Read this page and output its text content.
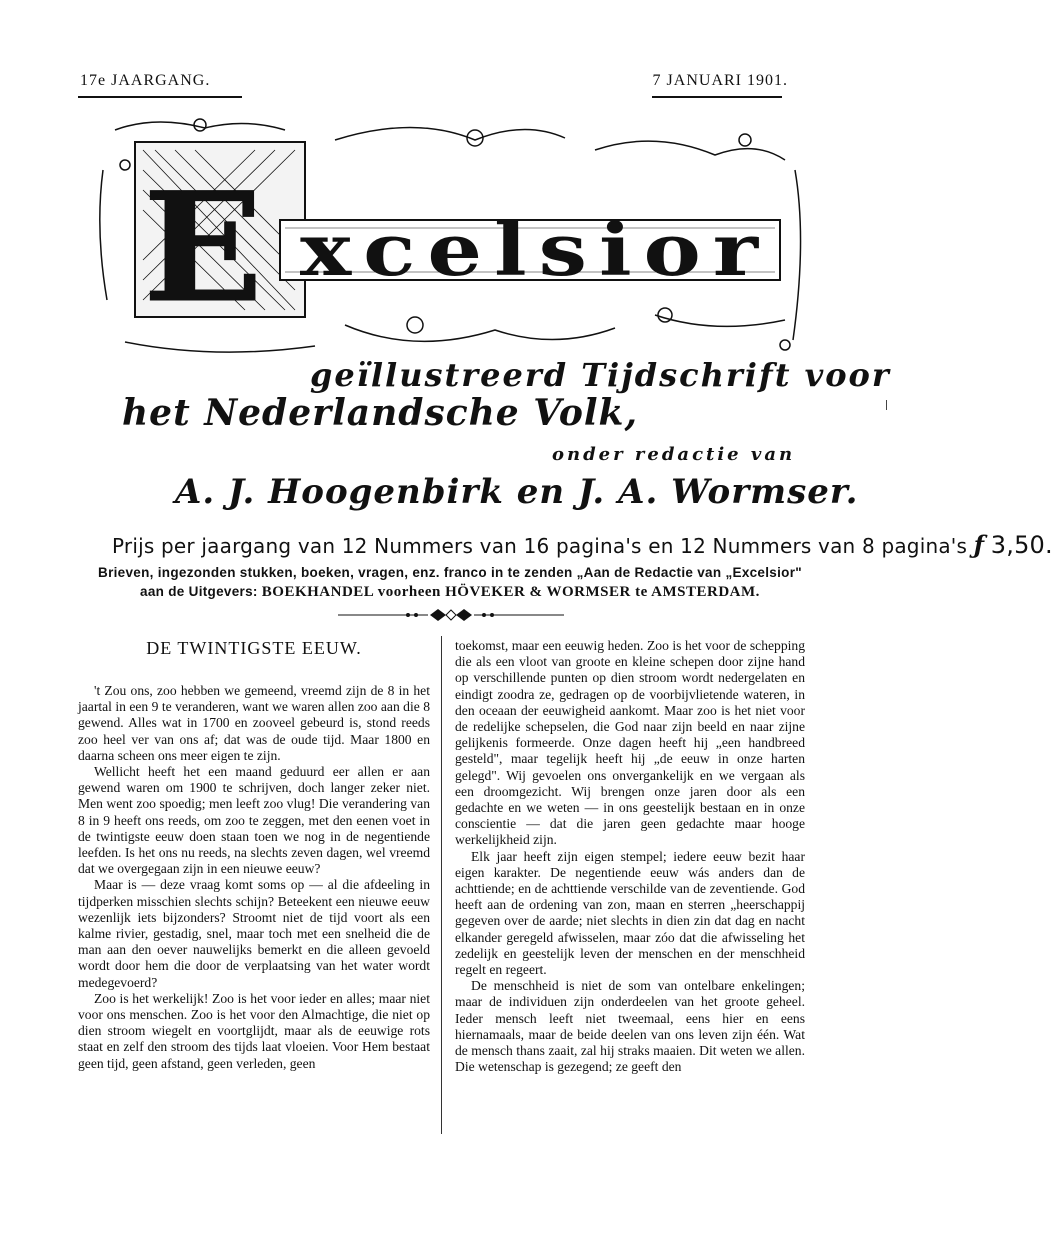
17e JAARGANG.	7 JANUARI 1901.
E xcelsior
geïllustreerd Tijdschrift voor
het Nederlandsche Volk,
onder redactie van
A. J. Hoogenbirk en J. A. Wormser.
Prijs per jaargang van 12 Nummers van 16 pagina's en 12 Nummers van 8 pagina's ƒ 3,50.
Brieven, ingezonden stukken, boeken, vragen, enz. franco in te zenden „Aan de Redactie van „Excelsior"
aan de Uitgevers: BOEKHANDEL voorheen HÖVEKER & WORMSER te AMSTERDAM.
DE TWINTIGSTE EEUW.

't Zou ons, zoo hebben we gemeend, vreemd zijn de 8 in het jaartal in een 9 te veranderen, want we waren allen zoo aan die 8 gewend. Alles wat in 1700 en zooveel gebeurd is, stond reeds zoo heel ver van ons af; dat was de oude tijd. Maar 1800 en daarna scheen ons meer eigen te zijn.

Wellicht heeft het een maand geduurd eer allen er aan gewend waren om 1900 te schrijven, doch langer zeker niet. Men went zoo spoedig; men leeft zoo vlug! Die verandering van 8 in 9 heeft ons reeds, om zoo te zeggen, met den eenen voet in de twintigste eeuw doen staan toen we nog in de negentiende leefden. Is het ons nu reeds, na slechts zeven dagen, wel vreemd dat we overgegaan zijn in een nieuwe eeuw?

Maar is — deze vraag komt soms op — al die afdeeling in tijdperken misschien slechts schijn? Beteekent een nieuwe eeuw wezenlijk iets bijzonders? Stroomt niet de tijd voort als een kalme rivier, gestadig, snel, maar toch met een snelheid die de man aan den oever nauwelijks bemerkt en die alleen gevoeld wordt door hem die door de verplaatsing van het water wordt medegevoerd?

Zoo is het werkelijk! Zoo is het voor ieder en alles; maar niet voor ons menschen. Zoo is het voor den Almachtige, die niet op dien stroom wiegelt en voortglijdt, maar als de eeuwige rots staat en zelf den stroom des tijds laat vloeien. Voor Hem bestaat geen tijd, geen afstand, geen verleden, geen

toekomst, maar een eeuwig heden. Zoo is het voor de schepping die als een vloot van groote en kleine schepen door zijne hand op verschillende punten op dien stroom wordt nedergelaten en eindigt zoodra ze, gedragen op de voorbijvlietende wateren, in den oceaan der eeuwigheid aankomt. Maar zoo is het niet voor de redelijke schepselen, die God naar zijn beeld en naar zijne gelijkenis formeerde. Onze dagen heeft hij „een handbreed gesteld", maar tegelijk heeft hij „de eeuw in onze harten gelegd". Wij gevoelen ons onvergankelijk en we vergaan als een droomgezicht. Wij brengen onze jaren door als een gedachte en we weten — in ons geestelijk bestaan en in onze conscientie — dat die jaren geen gedachte maar hooge werkelijkheid zijn.

Elk jaar heeft zijn eigen stempel; iedere eeuw bezit haar eigen karakter. De negentiende eeuw wás anders dan de achttiende; en de achttiende verschilde van de zeventiende. God heeft aan de ordening van zon, maan en sterren „heerschappij gegeven over de aarde; niet slechts in dien zin dat dag en nacht elkander geregeld afwisselen, maar zóo dat die afwisseling het zedelijk en geestelijk leven der menschen en der menschheid regelt en regeert.

De menschheid is niet de som van ontelbare enkelingen; maar de individuen zijn onderdeelen van het groote geheel. Ieder mensch leeft niet tweemaal, eens hier en eens hiernamaals, maar de beide deelen van ons leven zijn één. Wat de mensch thans zaait, zal hij straks maaien. Dit weten we allen. Die wetenschap is gezegend; ze geeft den
